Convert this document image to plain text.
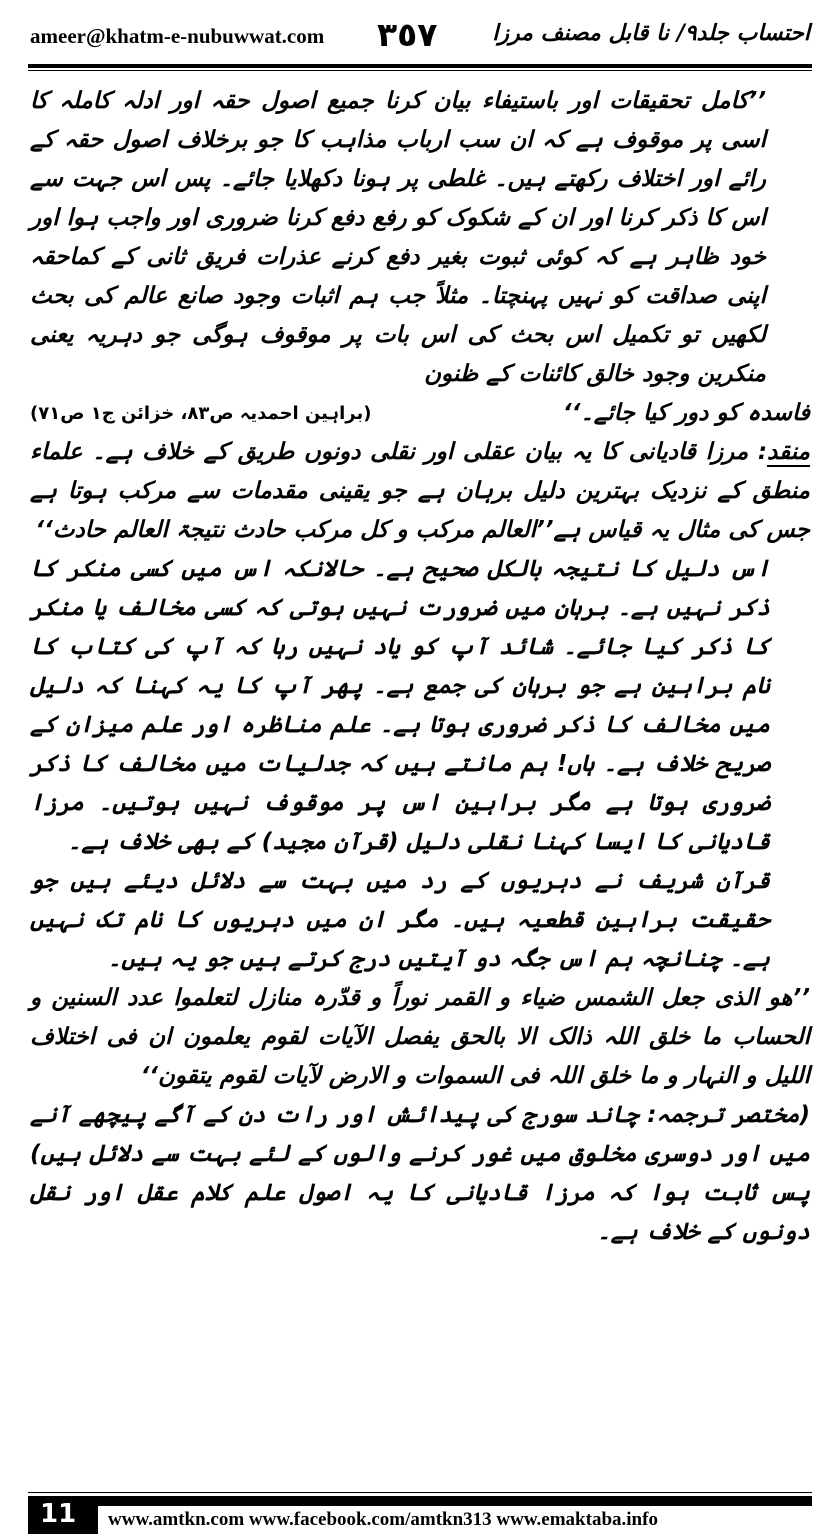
ameer@khatm-e-nubuwwat.com ٣٥٧ احتساب جلد۹/ نا قابل مصنف مرزا

’’کامل تحقیقات اور باستیفاء بیان کرنا جمیع اصول حقہ اور ادلہ کاملہ کا اسی پر موقوف ہے کہ ان سب ارباب مذاہب کا جو برخلاف اصول حقہ کے رائے اور اختلاف رکھتے ہیں۔ غلطی پر ہونا دکھلایا جائے۔ پس اس جہت سے اس کا ذکر کرنا اور ان کے شکوک کو رفع دفع کرنا ضروری اور واجب ہوا اور خود ظاہر ہے کہ کوئی ثبوت بغیر دفع کرنے عذرات فریق ثانی کے کماحقہ اپنی صداقت کو نہیں پہنچتا۔ مثلاً جب ہم اثبات وجود صانع عالم کی بحث لکھیں تو تکمیل اس بحث کی اس بات پر موقوف ہوگی جو دہریہ یعنی منکرین وجود خالق کائنات کے ظنون

فاسدہ کو دور کیا جائے۔‘‘
(براہین احمدیہ ص۸۳، خزائن ج۱ ص۷۱)

منقد: مرزا قادیانی کا یہ بیان عقلی اور نقلی دونوں طریق کے خلاف ہے۔ علماء منطق کے نزدیک بہترین دلیل برہان ہے جو یقینی مقدمات سے مرکب ہوتا ہے جس کی مثال یہ قیاس ہے’’العالم مرکب و کل مرکب حادث نتیجۃ العالم حادث‘‘

اس دلیل کا نتیجہ بالکل صحیح ہے۔ حالانکہ اس میں کسی منکر کا ذکر نہیں ہے۔ برہان میں ضرورت نہیں ہوتی کہ کسی مخالف یا منکر کا ذکر کیا جائے۔ شائد آپ کو یاد نہیں رہا کہ آپ کی کتاب کا نام براہین ہے جو برہان کی جمع ہے۔ پھر آپ کا یہ کہنا کہ دلیل میں مخالف کا ذکر ضروری ہوتا ہے۔ علم مناظرہ اور علم میزان کے صریح خلاف ہے۔ ہاں! ہم مانتے ہیں کہ جدلیات میں مخالف کا ذکر ضروری ہوتا ہے مگر براہین اس پر موقوف نہیں ہوتیں۔ مرزا قادیانی کا ایسا کہنا نقلی دلیل (قرآن مجید) کے بھی خلاف ہے۔

قرآن شریف نے دہریوں کے رد میں بہت سے دلائل دیئے ہیں جو حقیقت براہین قطعیہ ہیں۔ مگر ان میں دہریوں کا نام تک نہیں ہے۔ چنانچہ ہم اس جگہ دو آیتیں درج کرتے ہیں جو یہ ہیں۔

’’ھو الذی جعل الشمس ضیاء و القمر نوراً و قدّرہ منازل لتعلموا عدد السنین و الحساب ما خلق اللہ ذالک الا بالحق یفصل الآیات لقوم یعلمون ان فی اختلاف اللیل و النہار و ما خلق اللہ فی السموات و الارض لآیات لقوم یتقون‘‘

(مختصر ترجمہ: چاند سورج کی پیدائش اور رات دن کے آگے پیچھے آنے میں اور دوسری مخلوق میں غور کرنے والوں کے لئے بہت سے دلائل ہیں) پس ثابت ہوا کہ مرزا قادیانی کا یہ اصول علم کلام عقل اور نقل دونوں کے خلاف ہے۔

11	www.amtkn.com www.facebook.com/amtkn313 www.emaktaba.info
